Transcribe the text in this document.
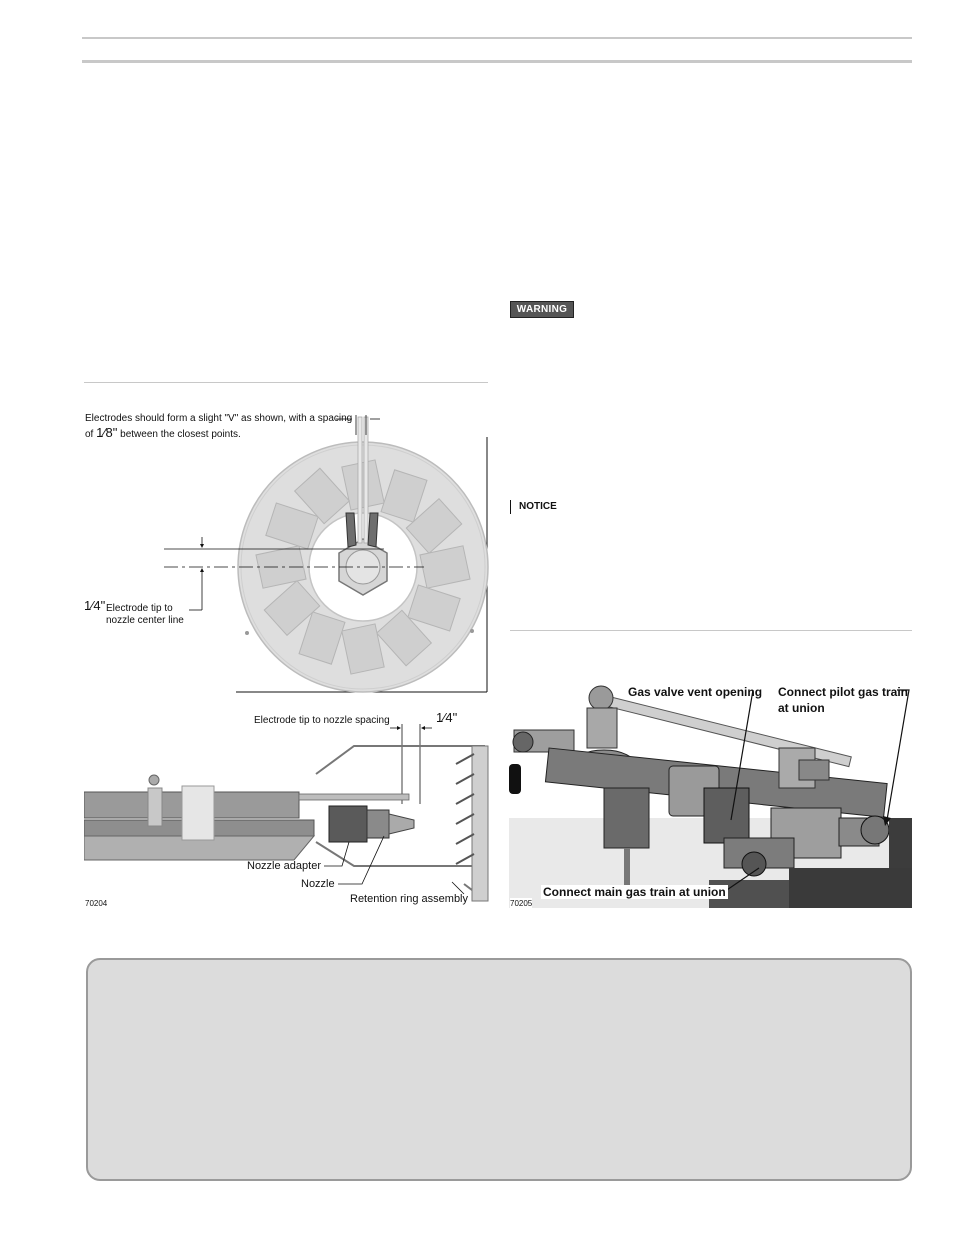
WARNING
NOTICE
Electrodes should form a slight "V" as shown, with a spacing
of 1⁄8" between the closest points.
1⁄4" Electrode tip to
nozzle center line
Electrode tip to nozzle spacing	1⁄4"
Nozzle adapter
Nozzle
Retention ring assembly
70204
Gas valve vent opening Connect pilot gas train
at union
Connect main gas train at union
70205
